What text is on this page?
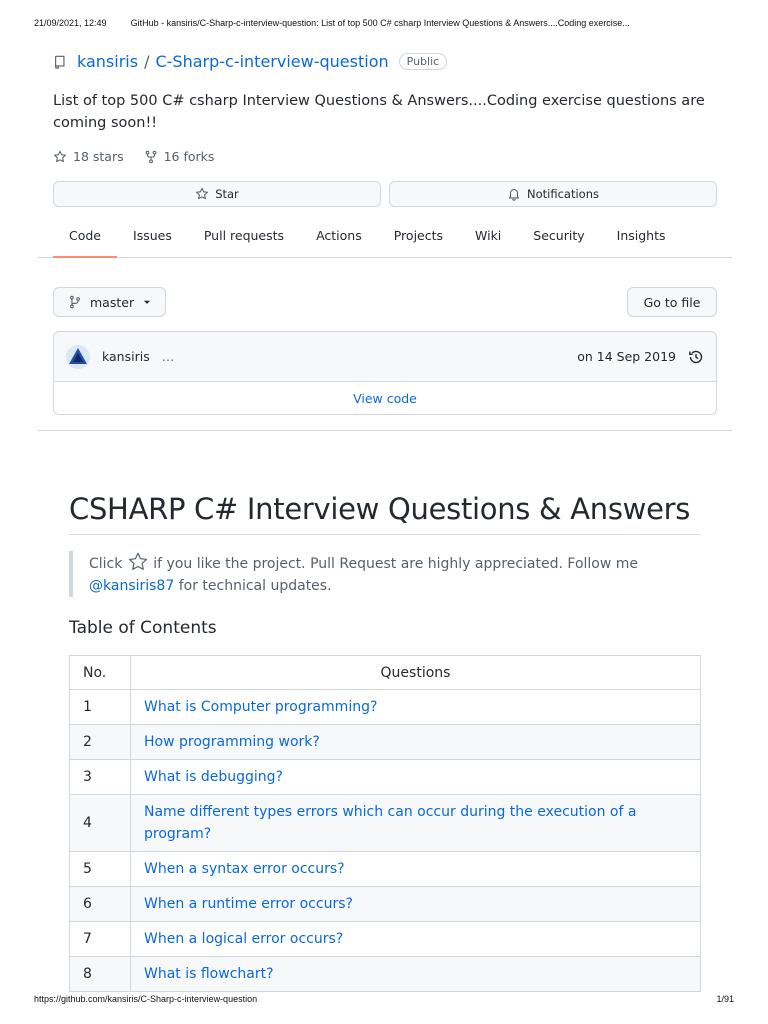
21/09/2021, 12:49	GitHub - kansiris/C-Sharp-c-interview-question: List of top 500 C# csharp Interview Questions & Answers....Coding exercise...
kansiris / C-Sharp-c-interview-question	Public
List of top 500 C# csharp Interview Questions & Answers....Coding exercise questions are coming soon!!
18 stars	16 forks
Star	Notifications
Code	Issues	Pull requests	Actions	Projects	Wiki	Security	Insights
master	Go to file
kansiris …	on 14 Sep 2019
View code
CSHARP C# Interview Questions & Answers
Click if you like the project. Pull Request are highly appreciated. Follow me @kansiris87 for technical updates.
Table of Contents
No.	Questions
1	What is Computer programming?
2	How programming work?
3	What is debugging?
4	Name different types errors which can occur during the execution of a program?
5	When a syntax error occurs?
6	When a runtime error occurs?
7	When a logical error occurs?
8	What is flowchart?
https://github.com/kansiris/C-Sharp-c-interview-question	1/91
